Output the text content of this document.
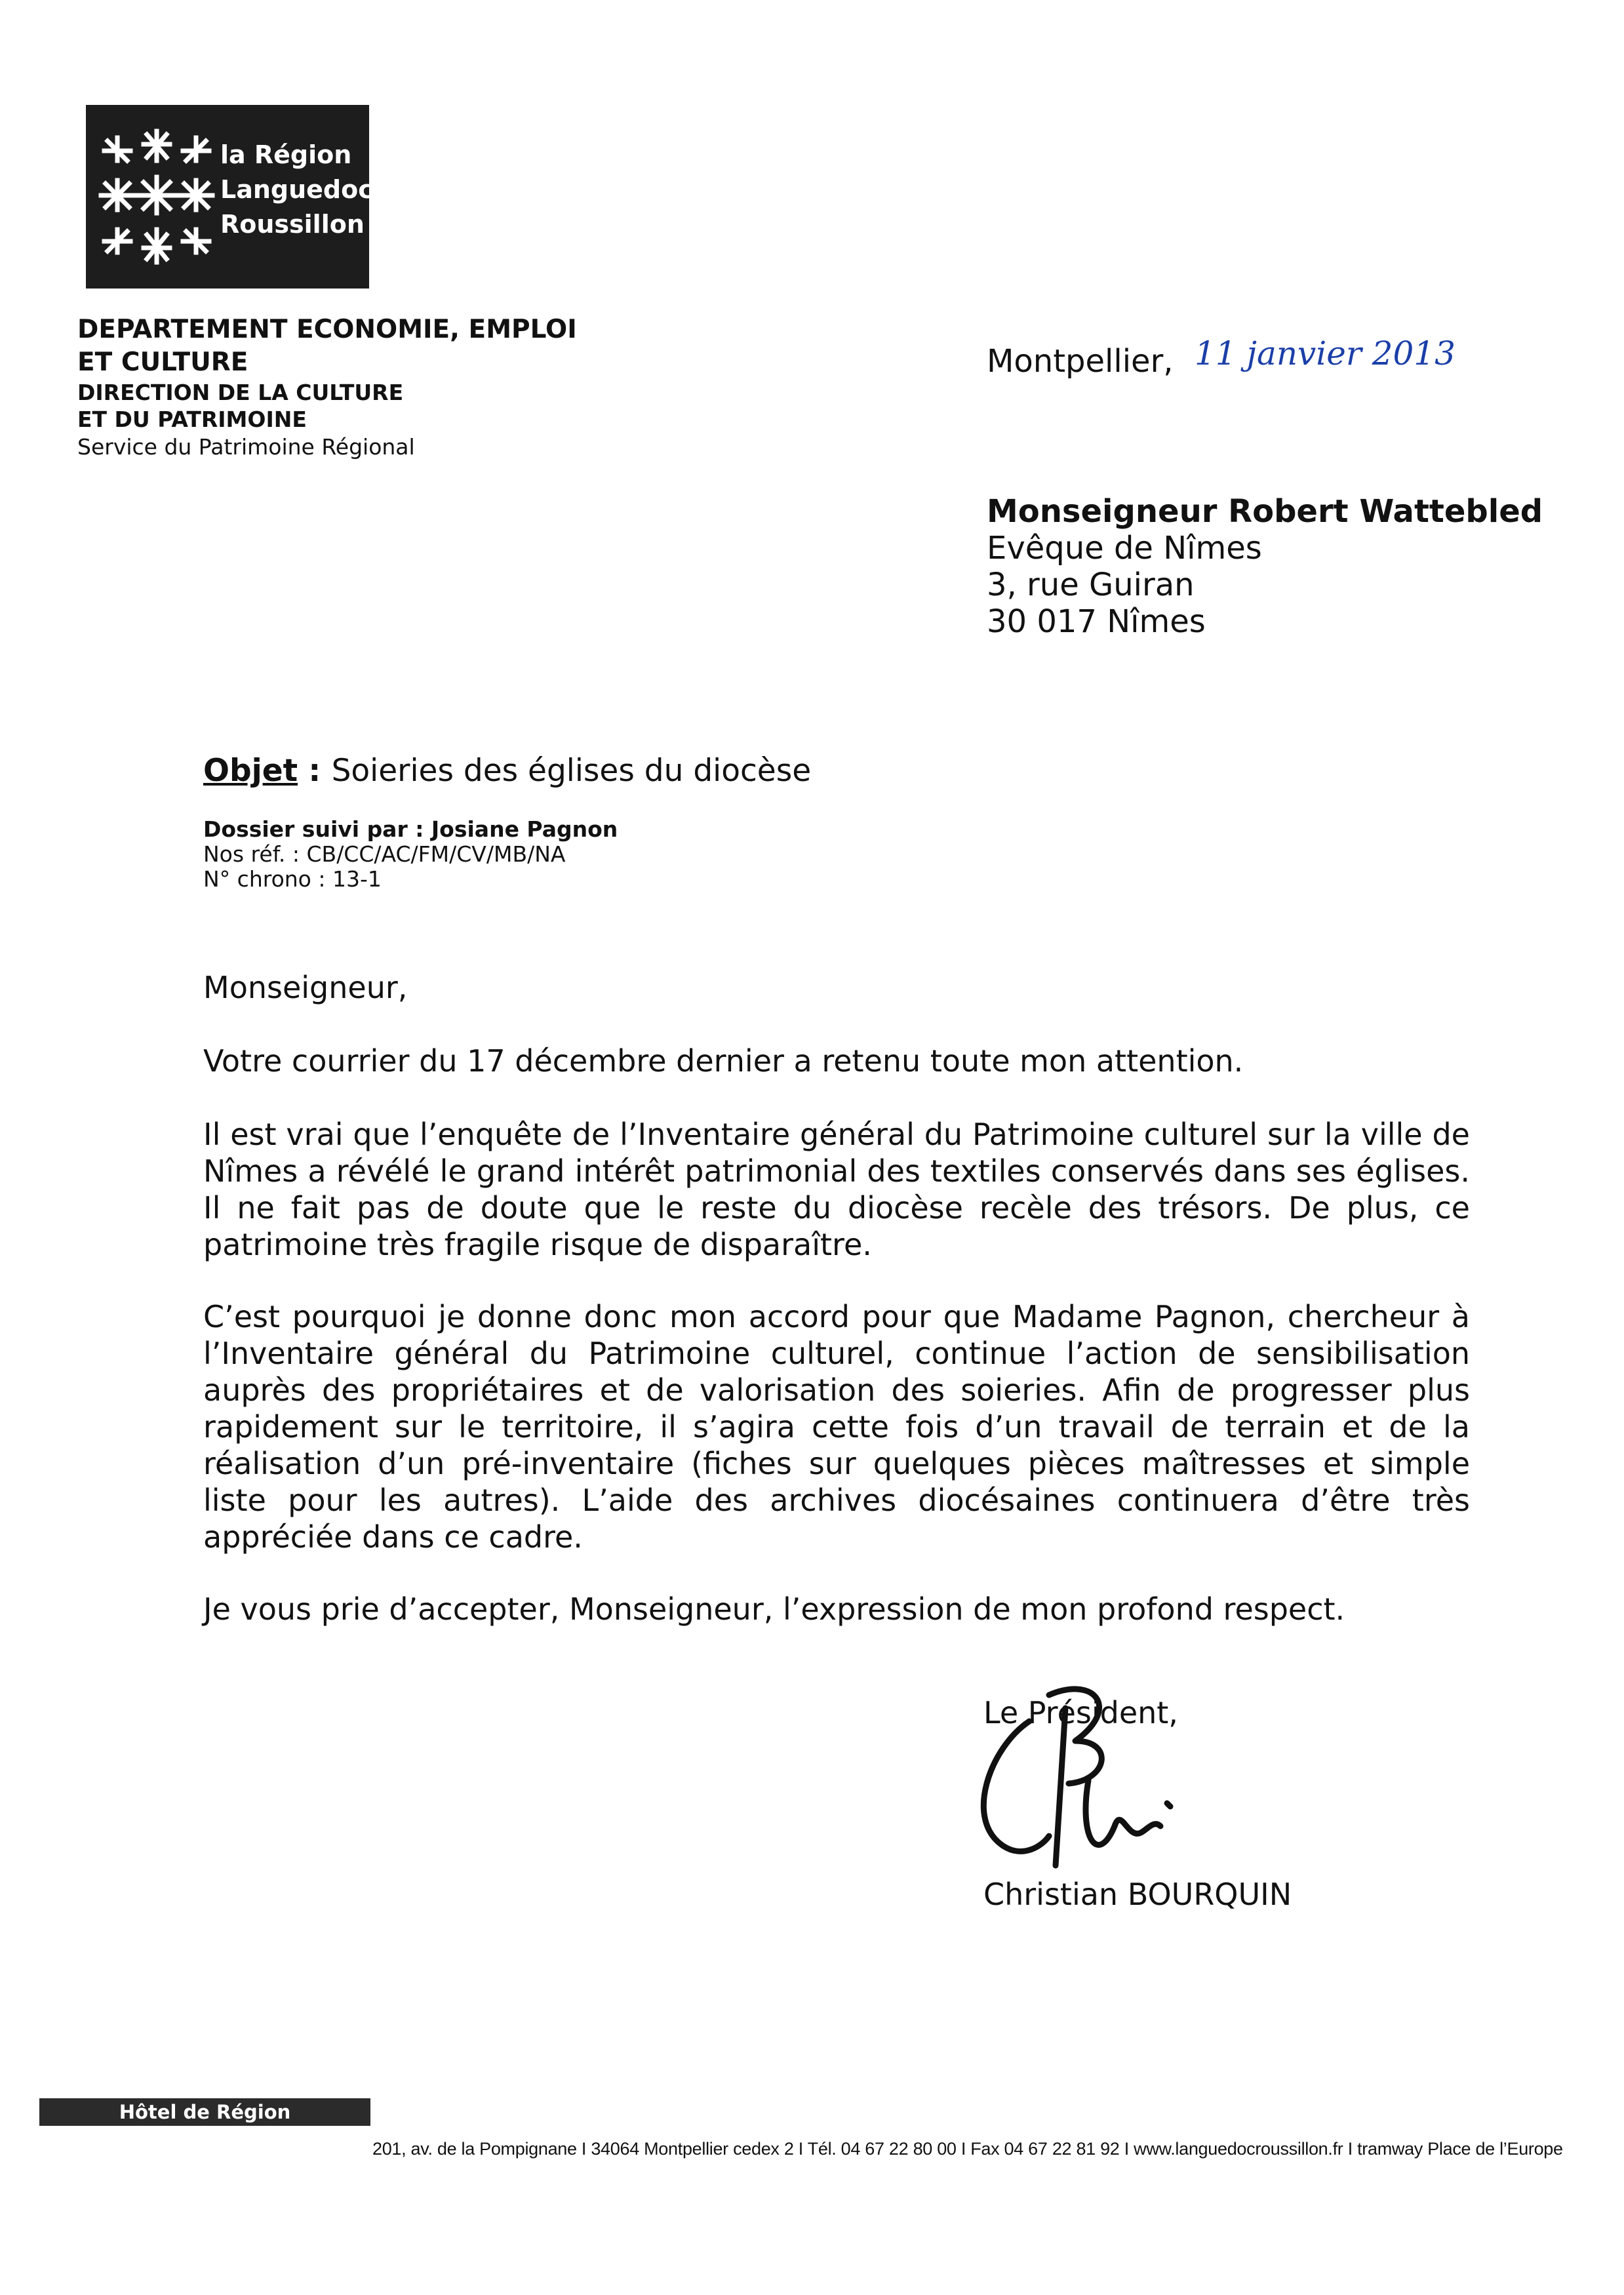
la Région
Languedoc
Roussillon
DEPARTEMENT ECONOMIE, EMPLOI
ET CULTURE
DIRECTION DE LA CULTURE
ET DU PATRIMOINE
Service du Patrimoine Régional
Montpellier, 11 janvier 2013
Monseigneur Robert Wattebled
Evêque de Nîmes
3, rue Guiran
30 017 Nîmes
Objet : Soieries des églises du diocèse
Dossier suivi par : Josiane Pagnon
Nos réf. : CB/CC/AC/FM/CV/MB/NA
N° chrono : 13-1
Monseigneur,
Votre courrier du 17 décembre dernier a retenu toute mon attention.
Il est vrai que l’enquête de l’Inventaire général du Patrimoine culturel sur la ville de Nîmes a révélé le grand intérêt patrimonial des textiles conservés dans ses églises. Il ne fait pas de doute que le reste du diocèse recèle des trésors. De plus, ce patrimoine très fragile risque de disparaître.
C’est pourquoi je donne donc mon accord pour que Madame Pagnon, chercheur à l’Inventaire général du Patrimoine culturel, continue l’action de sensibilisation auprès des propriétaires et de valorisation des soieries. Afin de progresser plus rapidement sur le territoire, il s’agira cette fois d’un travail de terrain et de la réalisation d’un pré-inventaire (fiches sur quelques pièces maîtresses et simple liste pour les autres). L’aide des archives diocésaines continuera d’être très appréciée dans ce cadre.
Je vous prie d’accepter, Monseigneur, l’expression de mon profond respect.
Le Président,
Christian BOURQUIN
Hôtel de Région
201, av. de la Pompignane I 34064 Montpellier cedex 2 I Tél. 04 67 22 80 00 I Fax 04 67 22 81 92 I www.languedocroussillon.fr I tramway Place de l’Europe
